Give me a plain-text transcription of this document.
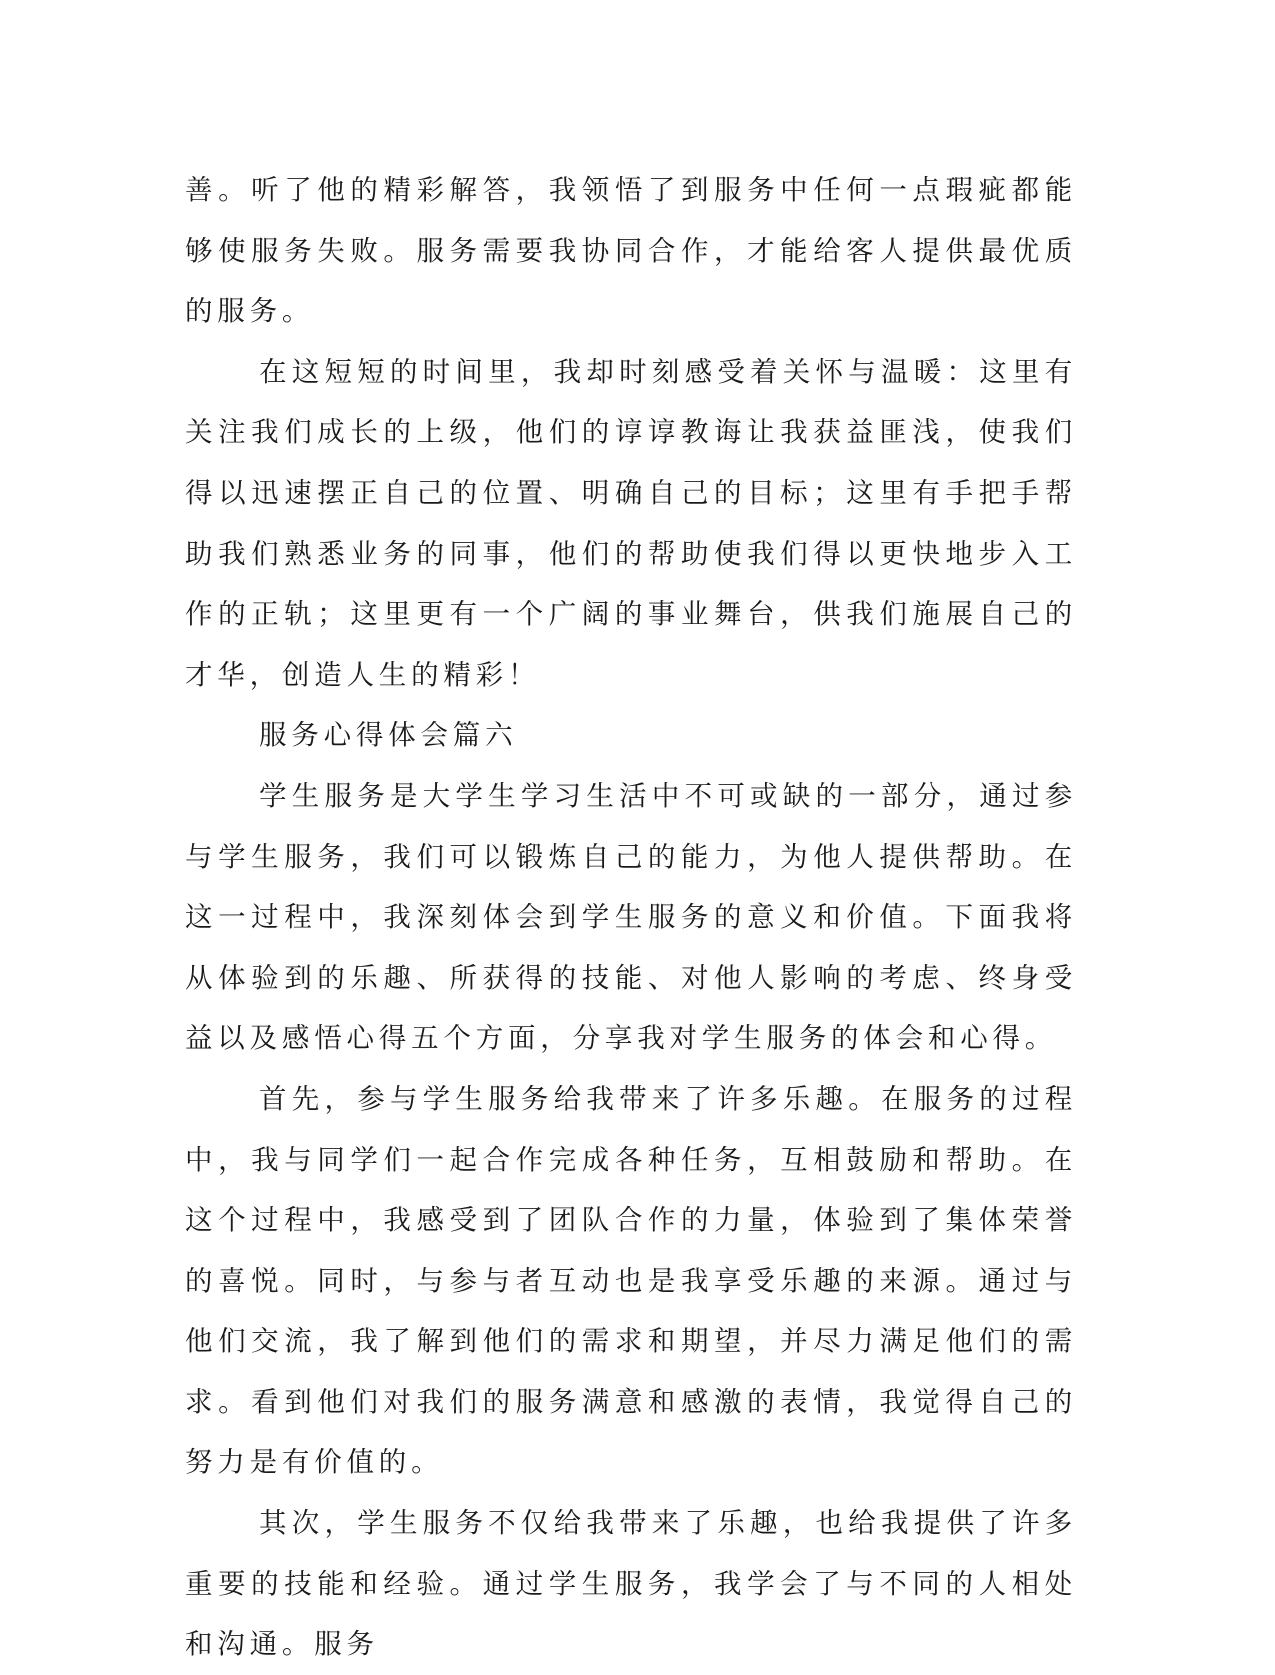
善。听了他的精彩解答，我领悟了到服务中任何一点瑕疵都能够使服务失败。服务需要我协同合作，才能给客人提供最优质的服务。

在这短短的时间里，我却时刻感受着关怀与温暖：这里有关注我们成长的上级，他们的谆谆教诲让我获益匪浅，使我们得以迅速摆正自己的位置、明确自己的目标；这里有手把手帮助我们熟悉业务的同事，他们的帮助使我们得以更快地步入工作的正轨；这里更有一个广阔的事业舞台，供我们施展自己的才华，创造人生的精彩！

服务心得体会篇六

学生服务是大学生学习生活中不可或缺的一部分，通过参与学生服务，我们可以锻炼自己的能力，为他人提供帮助。在这一过程中，我深刻体会到学生服务的意义和价值。下面我将从体验到的乐趣、所获得的技能、对他人影响的考虑、终身受益以及感悟心得五个方面，分享我对学生服务的体会和心得。

首先，参与学生服务给我带来了许多乐趣。在服务的过程中，我与同学们一起合作完成各种任务，互相鼓励和帮助。在这个过程中，我感受到了团队合作的力量，体验到了集体荣誉的喜悦。同时，与参与者互动也是我享受乐趣的来源。通过与他们交流，我了解到他们的需求和期望，并尽力满足他们的需求。看到他们对我们的服务满意和感激的表情，我觉得自己的努力是有价值的。

其次，学生服务不仅给我带来了乐趣，也给我提供了许多重要的技能和经验。通过学生服务，我学会了与不同的人相处和沟通。服务
